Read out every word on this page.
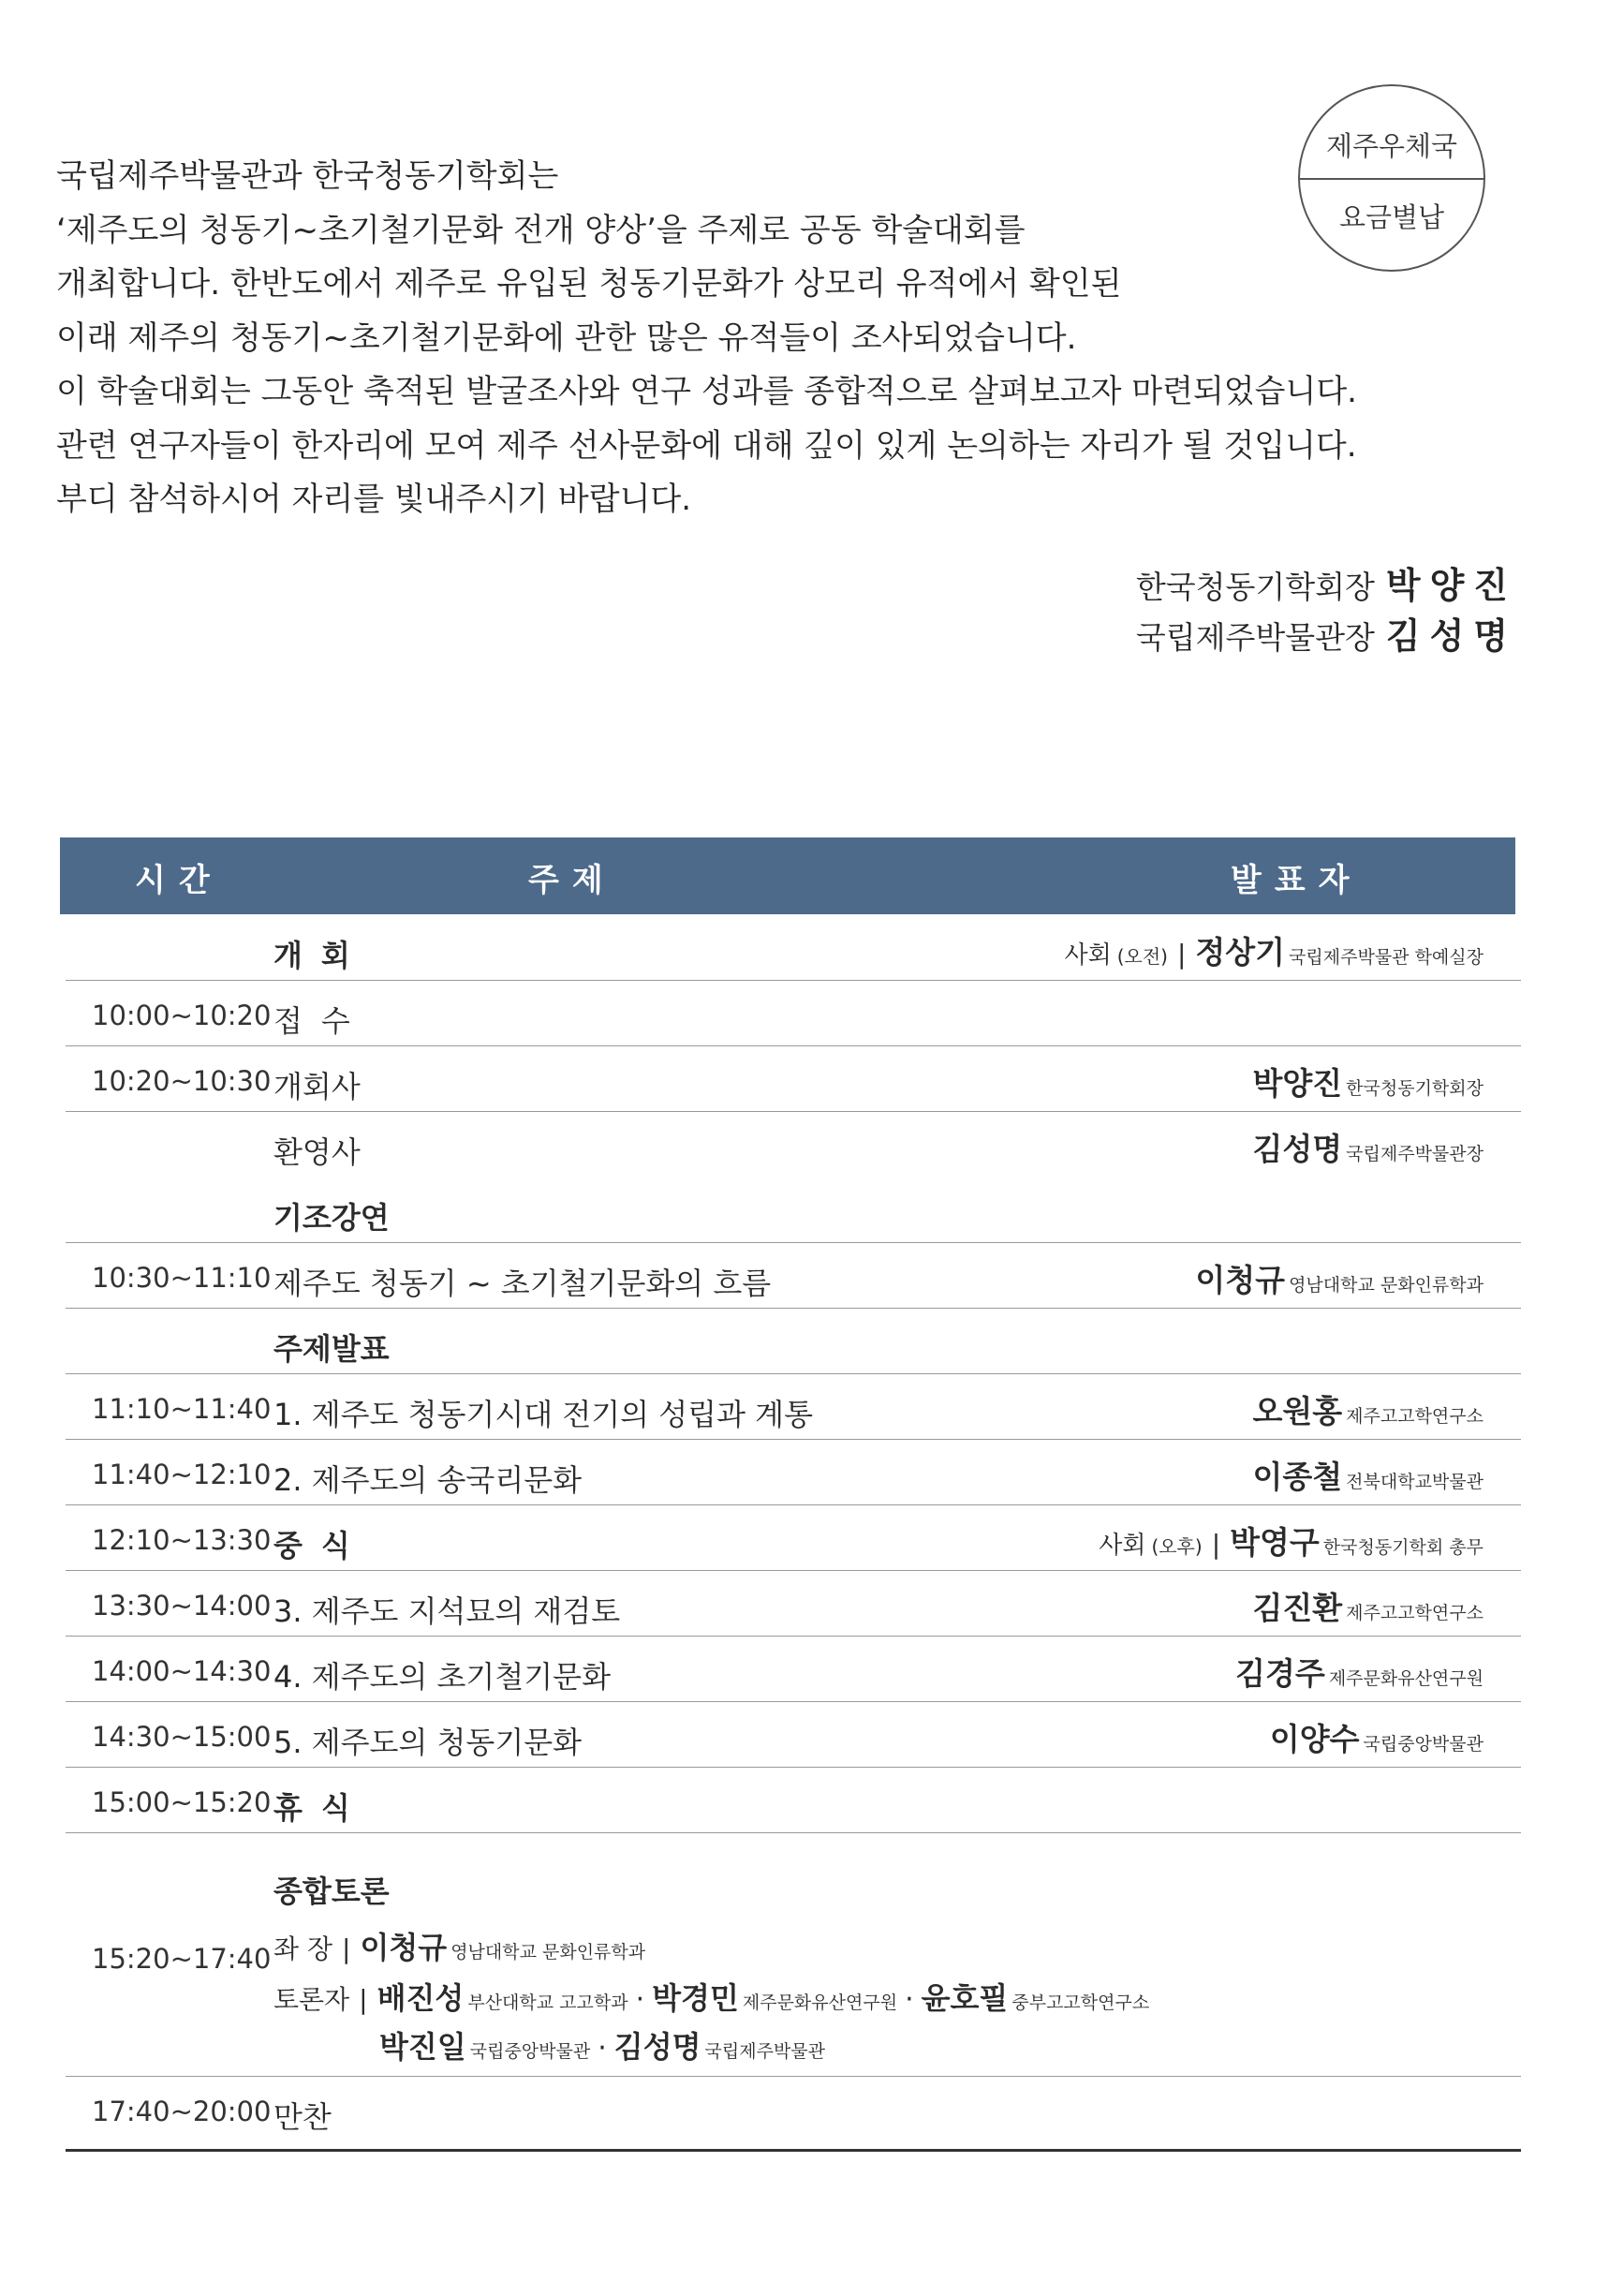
제주우체국
요금별납

국립제주박물관과 한국청동기학회는

‘제주도의 청동기~초기철기문화 전개 양상’을 주제로 공동 학술대회를

개최합니다. 한반도에서 제주로 유입된 청동기문화가 상모리 유적에서 확인된

이래 제주의 청동기~초기철기문화에 관한 많은 유적들이 조사되었습니다.

이 학술대회는 그동안 축적된 발굴조사와 연구 성과를 종합적으로 살펴보고자 마련되었습니다.

관련 연구자들이 한자리에 모여 제주 선사문화에 대해 깊이 있게 논의하는 자리가 될 것입니다.

부디 참석하시어 자리를 빛내주시기 바랍니다.

한국청동기학회장 박양진
국립제주박물관장 김성명
시간	주제	발표자
개회	사회 (오전) | 정상기 국립제주박물관 학예실장
10:00~10:20 접수
10:20~10:30 개회사	박양진 한국청동기학회장
환영사	김성명 국립제주박물관장
기조강연
10:30~11:10 제주도 청동기 ~ 초기철기문화의 흐름	이청규 영남대학교 문화인류학과
주제발표
11:10~11:40 1. 제주도 청동기시대 전기의 성립과 계통	오원홍 제주고고학연구소
11:40~12:10 2. 제주도의 송국리문화	이종철 전북대학교박물관
12:10~13:30 중식	사회 (오후) | 박영구 한국청동기학회 총무
13:30~14:00 3. 제주도 지석묘의 재검토	김진환 제주고고학연구소
14:00~14:30 4. 제주도의 초기철기문화	김경주 제주문화유산연구원
14:30~15:00 5. 제주도의 청동기문화	이양수 국립중앙박물관
15:00~15:20 휴식
15:20~17:40
종합토론
좌 장 | 이청규 영남대학교 문화인류학과
토론자 | 배진성 부산대학교 고고학과 · 박경민 제주문화유산연구원 · 윤호필 중부고고학연구소
박진일 국립중앙박물관 · 김성명 국립제주박물관
17:40~20:00 만찬
